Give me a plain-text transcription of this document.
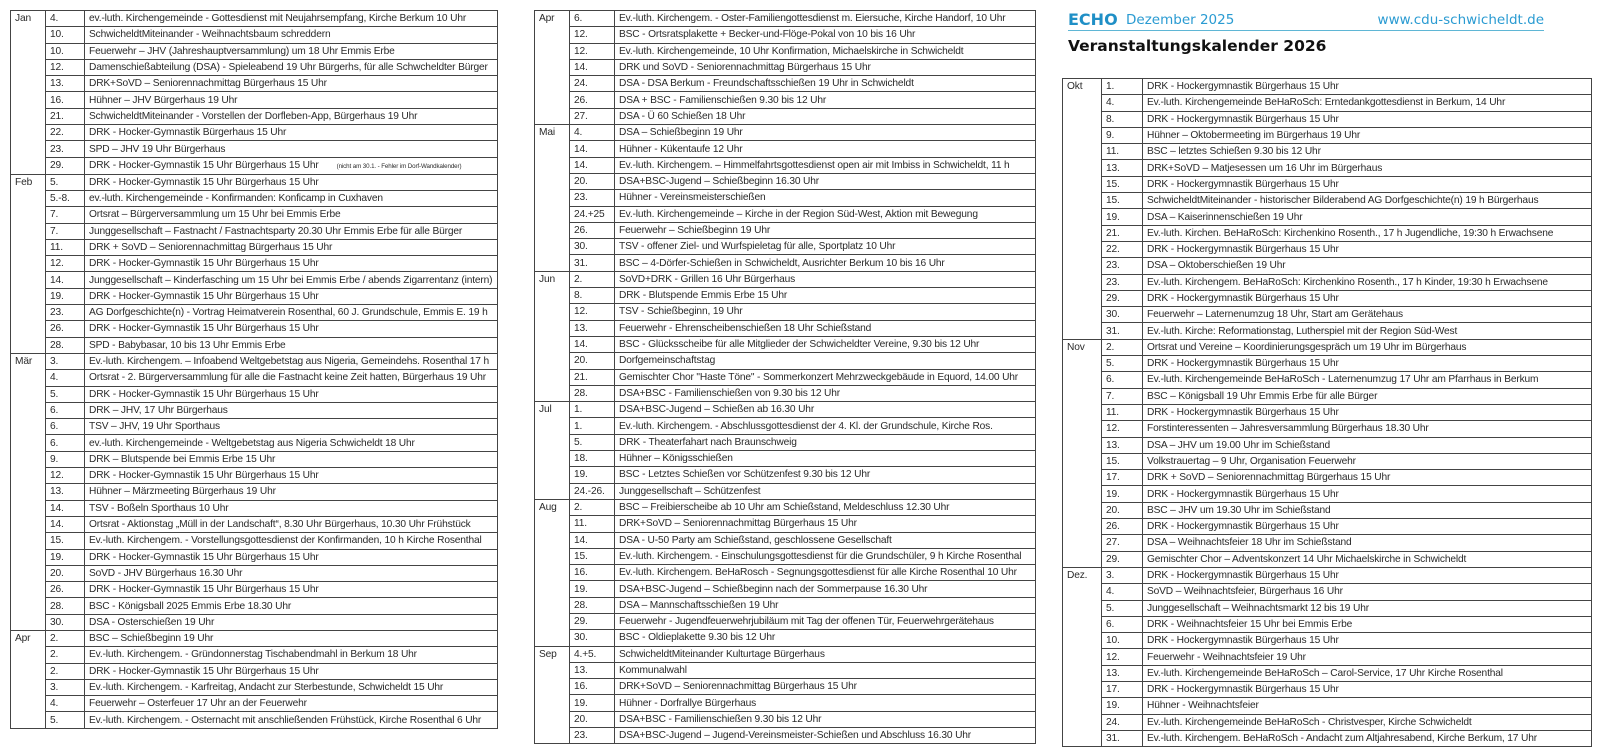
ECHO Dezember 2025	www.cdu-schwicheldt.de
Veranstaltungskalender 2026
Jan	4.	ev.-luth. Kirchengemeinde - Gottesdienst mit Neujahrsempfang, Kirche Berkum 10 Uhr
	10.	SchwicheldtMiteinander - Weihnachtsbaum schreddern
	10.	Feuerwehr – JHV (Jahreshauptversammlung) um 18 Uhr Emmis Erbe
	12.	Damenschießabteilung (DSA) - Spieleabend 19 Uhr Bürgerhs, für alle Schwcheldter Bürger
	13.	DRK+SoVD – Seniorennachmittag Bürgerhaus 15 Uhr
	16.	Hühner – JHV Bürgerhaus 19 Uhr
	21.	SchwicheldtMiteinander - Vorstellen der Dorfleben-App, Bürgerhaus 19 Uhr
	22.	DRK - Hocker-Gymnastik Bürgerhaus 15 Uhr
	23.	SPD – JHV 19 Uhr Bürgerhaus
	29.	DRK - Hocker-Gymnastik 15 Uhr Bürgerhaus 15 Uhr (nicht am 30.1. - Fehler im Dorf-Wandkalender)
Feb	5.	DRK - Hocker-Gymnastik 15 Uhr Bürgerhaus 15 Uhr
	5.-8.	ev.-luth. Kirchengemeinde - Konfirmanden: Konficamp in Cuxhaven
	7.	Ortsrat – Bürgerversammlung um 15 Uhr bei Emmis Erbe
	7.	Junggesellschaft – Fastnacht / Fastnachtsparty 20.30 Uhr Emmis Erbe für alle Bürger
	11.	DRK + SoVD – Seniorennachmittag Bürgerhaus 15 Uhr
	12.	DRK - Hocker-Gymnastik 15 Uhr Bürgerhaus 15 Uhr
	14.	Junggesellschaft – Kinderfasching um 15 Uhr bei Emmis Erbe / abends Zigarrentanz (intern)
	19.	DRK - Hocker-Gymnastik 15 Uhr Bürgerhaus 15 Uhr
	23.	AG Dorfgeschichte(n) - Vortrag Heimatverein Rosenthal, 60 J. Grundschule, Emmis E. 19 h
	26.	DRK - Hocker-Gymnastik 15 Uhr Bürgerhaus 15 Uhr
	28.	SPD - Babybasar, 10 bis 13 Uhr Emmis Erbe
Mär	3.	Ev.-luth. Kirchengem. – Infoabend Weltgebetstag aus Nigeria, Gemeindehs. Rosenthal 17 h
	4.	Ortsrat - 2. Bürgerversammlung für alle die Fastnacht keine Zeit hatten, Bürgerhaus 19 Uhr
	5.	DRK - Hocker-Gymnastik 15 Uhr Bürgerhaus 15 Uhr
	6.	DRK – JHV, 17 Uhr Bürgerhaus
	6.	TSV – JHV, 19 Uhr Sporthaus
	6.	ev.-luth. Kirchengemeinde - Weltgebetstag aus Nigeria Schwicheldt 18 Uhr
	9.	DRK – Blutspende bei Emmis Erbe 15 Uhr
	12.	DRK - Hocker-Gymnastik 15 Uhr Bürgerhaus 15 Uhr
	13.	Hühner – Märzmeeting Bürgerhaus 19 Uhr
	14.	TSV - Boßeln Sporthaus 10 Uhr
	14.	Ortsrat - Aktionstag „Müll in der Landschaft“, 8.30 Uhr Bürgerhaus, 10.30 Uhr Frühstück
	15.	Ev.-luth. Kirchengem. - Vorstellungsgottesdienst der Konfirmanden, 10 h Kirche Rosenthal
	19.	DRK - Hocker-Gymnastik 15 Uhr Bürgerhaus 15 Uhr
	20.	SoVD - JHV Bürgerhaus 16.30 Uhr
	26.	DRK - Hocker-Gymnastik 15 Uhr Bürgerhaus 15 Uhr
	28.	BSC - Königsball 2025 Emmis Erbe 18.30 Uhr
	30.	DSA - Osterschießen 19 Uhr
Apr	2.	BSC – Schießbeginn 19 Uhr
	2.	Ev.-luth. Kirchengem. - Gründonnerstag Tischabendmahl in Berkum 18 Uhr
	2.	DRK - Hocker-Gymnastik 15 Uhr Bürgerhaus 15 Uhr
	3.	Ev.-luth. Kirchengem. - Karfreitag, Andacht zur Sterbestunde, Schwicheldt 15 Uhr
	4.	Feuerwehr – Osterfeuer 17 Uhr an der Feuerwehr
	5.	Ev.-luth. Kirchengem. - Osternacht mit anschließenden Frühstück, Kirche Rosenthal 6 Uhr
Apr	6.	Ev.-luth. Kirchengem. - Oster-Familiengottesdienst m. Eiersuche, Kirche Handorf, 10 Uhr
	12.	BSC - Ortsratsplakette + Becker-und-Flöge-Pokal von 10 bis 16 Uhr
	12.	Ev.-luth. Kirchengemeinde, 10 Uhr Konfirmation, Michaelskirche in Schwicheldt
	14.	DRK und SoVD - Seniorennachmittag Bürgerhaus 15 Uhr
	24.	DSA - DSA Berkum - Freundschaftsschießen 19 Uhr in Schwicheldt
	26.	DSA + BSC - Familienschießen 9.30 bis 12 Uhr
	27.	DSA - Ü 60 Schießen 18 Uhr
Mai	4.	DSA – Schießbeginn 19 Uhr
	14.	Hühner - Kükentaufe 12 Uhr
	14.	Ev.-luth. Kirchengem. – Himmelfahrtsgottesdienst open air mit Imbiss in Schwicheldt, 11 h
	20.	DSA+BSC-Jugend – Schießbeginn 16.30 Uhr
	23.	Hühner - Vereinsmeisterschießen
	24.+25	Ev.-luth. Kirchengemeinde – Kirche in der Region Süd-West, Aktion mit Bewegung
	26.	Feuerwehr – Schießbeginn 19 Uhr
	30.	TSV - offener Ziel- und Wurfspieletag für alle, Sportplatz 10 Uhr
	31.	BSC – 4-Dörfer-Schießen in Schwicheldt, Ausrichter Berkum 10 bis 16 Uhr
Jun	2.	SoVD+DRK - Grillen 16 Uhr Bürgerhaus
	8.	DRK - Blutspende Emmis Erbe 15 Uhr
	12.	TSV - Schießbeginn, 19 Uhr
	13.	Feuerwehr - Ehrenscheibenschießen 18 Uhr Schießstand
	14.	BSC - Glücksscheibe für alle Mitglieder der Schwicheldter Vereine, 9.30 bis 12 Uhr
	20.	Dorfgemeinschaftstag
	21.	Gemischter Chor "Haste Töne" - Sommerkonzert Mehrzweckgebäude in Equord, 14.00 Uhr
	28.	DSA+BSC - Familienschießen von 9.30 bis 12 Uhr
Jul	1.	DSA+BSC-Jugend – Schießen ab 16.30 Uhr
	1.	Ev.-luth. Kirchengem. - Abschlussgottesdienst der 4. Kl. der Grundschule, Kirche Ros.
	5.	DRK - Theaterfahart nach Braunschweig
	18.	Hühner – Königsschießen
	19.	BSC - Letztes Schießen vor Schützenfest 9.30 bis 12 Uhr
	24.-26.	Junggesellschaft – Schützenfest
Aug	2.	BSC – Freibierscheibe ab 10 Uhr am Schießstand, Meldeschluss 12.30 Uhr
	11.	DRK+SoVD – Seniorennachmittag Bürgerhaus 15 Uhr
	14.	DSA - U-50 Party am Schießstand, geschlossene Gesellschaft
	15.	Ev.-luth. Kirchengem. - Einschulungsgottesdienst für die Grundschüler, 9 h Kirche Rosenthal
	16.	Ev.-luth. Kirchengem. BeHaRosch - Segnungsgottesdienst für alle Kirche Rosenthal 10 Uhr
	19.	DSA+BSC-Jugend – Schießbeginn nach der Sommerpause 16.30 Uhr
	28.	DSA – Mannschaftsschießen 19 Uhr
	29.	Feuerwehr - Jugendfeuerwehrjubiläum mit Tag der offenen Tür, Feuerwehrgerätehaus
	30.	BSC - Oldieplakette 9.30 bis 12 Uhr
Sep	4.+5.	SchwicheldtMiteinander Kulturtage Bürgerhaus
	13.	Kommunalwahl
	16.	DRK+SoVD – Seniorennachmittag Bürgerhaus 15 Uhr
	19.	Hühner - Dorfrallye Bürgerhaus
	20.	DSA+BSC - Familienschießen 9.30 bis 12 Uhr
	23.	DSA+BSC-Jugend – Jugend-Vereinsmeister-Schießen und Abschluss 16.30 Uhr
Okt	1.	DRK - Hockergymnastik Bürgerhaus 15 Uhr
	4.	Ev.-luth. Kirchengemeinde BeHaRoSch: Erntedankgottesdienst in Berkum, 14 Uhr
	8.	DRK - Hockergymnastik Bürgerhaus 15 Uhr
	9.	Hühner – Oktobermeeting im Bürgerhaus 19 Uhr
	11.	BSC – letztes Schießen 9.30 bis 12 Uhr
	13.	DRK+SoVD – Matjesessen um 16 Uhr im Bürgerhaus
	15.	DRK - Hockergymnastik Bürgerhaus 15 Uhr
	15.	SchwicheldtMiteinander - historischer Bilderabend AG Dorfgeschichte(n) 19 h Bürgerhaus
	19.	DSA – Kaiserinnenschießen 19 Uhr
	21.	Ev.-luth. Kirchen. BeHaRoSch: Kirchenkino Rosenth., 17 h Jugendliche, 19:30 h Erwachsene
	22.	DRK - Hockergymnastik Bürgerhaus 15 Uhr
	23.	DSA – Oktoberschießen 19 Uhr
	23.	Ev.-luth. Kirchengem. BeHaRoSch: Kirchenkino Rosenth., 17 h Kinder, 19:30 h Erwachsene
	29.	DRK - Hockergymnastik Bürgerhaus 15 Uhr
	30.	Feuerwehr – Laternenumzug 18 Uhr, Start am Gerätehaus
	31.	Ev.-luth. Kirche: Reformationstag, Lutherspiel mit der Region Süd-West
Nov	2.	Ortsrat und Vereine – Koordinierungsgespräch um 19 Uhr im Bürgerhaus
	5.	DRK - Hockergymnastik Bürgerhaus 15 Uhr
	6.	Ev.-luth. Kirchengemeinde BeHaRoSch - Laternenumzug 17 Uhr am Pfarrhaus in Berkum
	7.	BSC – Königsball 19 Uhr Emmis Erbe für alle Bürger
	11.	DRK - Hockergymnastik Bürgerhaus 15 Uhr
	12.	Forstinteressenten – Jahresversammlung Bürgerhaus 18.30 Uhr
	13.	DSA – JHV um 19.00 Uhr im Schießstand
	15.	Volkstrauertag – 9 Uhr, Organisation Feuerwehr
	17.	DRK + SoVD – Seniorennachmittag Bürgerhaus 15 Uhr
	19.	DRK - Hockergymnastik Bürgerhaus 15 Uhr
	20.	BSC – JHV um 19.30 Uhr im Schießstand
	26.	DRK - Hockergymnastik Bürgerhaus 15 Uhr
	27.	DSA – Weihnachtsfeier 18 Uhr im Schießstand
	29.	Gemischter Chor – Adventskonzert 14 Uhr Michaelskirche in Schwicheldt
Dez.	3.	DRK - Hockergymnastik Bürgerhaus 15 Uhr
	4.	SoVD – Weihnachtsfeier, Bürgerhaus 16 Uhr
	5.	Junggesellschaft – Weihnachtsmarkt 12 bis 19 Uhr
	6.	DRK - Weihnachtsfeier 15 Uhr bei Emmis Erbe
	10.	DRK - Hockergymnastik Bürgerhaus 15 Uhr
	12.	Feuerwehr - Weihnachtsfeier 19 Uhr
	13.	Ev.-luth. Kirchengemeinde BeHaRoSch – Carol-Service, 17 Uhr Kirche Rosenthal
	17.	DRK - Hockergymnastik Bürgerhaus 15 Uhr
	19.	Hühner - Weihnachtsfeier
	24.	Ev.-luth. Kirchengemeinde BeHaRoSch - Christvesper, Kirche Schwicheldt
	31.	Ev.-luth. Kirchengem. BeHaRoSch - Andacht zum Altjahresabend, Kirche Berkum, 17 Uhr
